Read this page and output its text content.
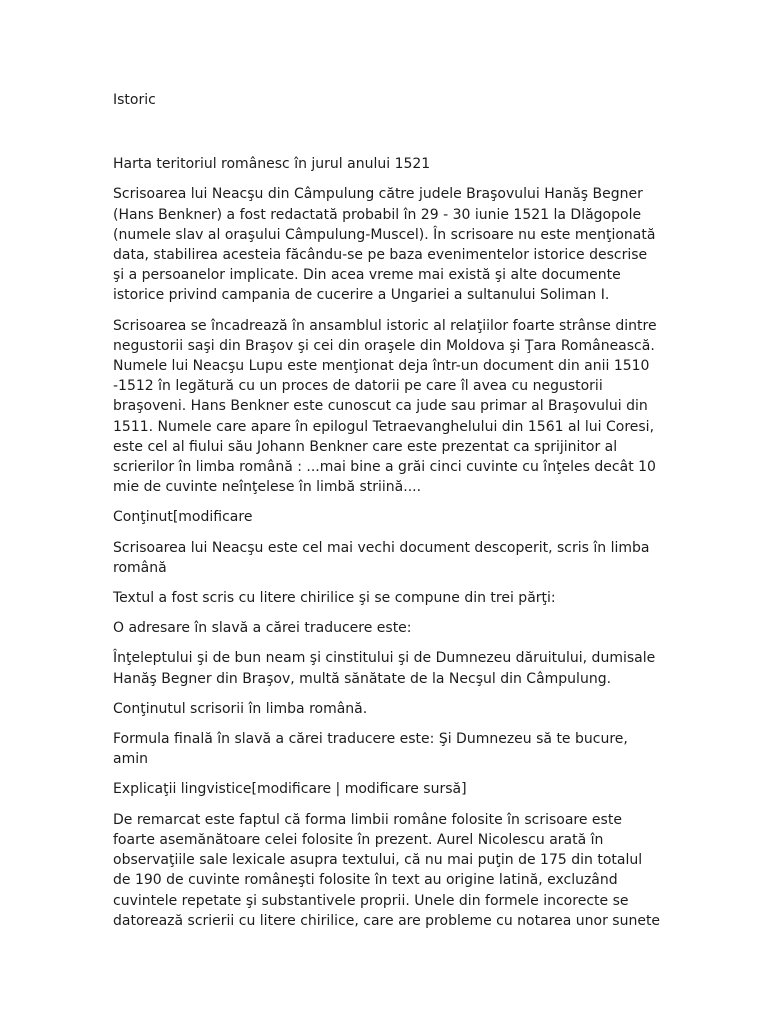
Istoric

Harta teritoriul românesc în jurul anului 1521

Scrisoarea lui Neacşu din Câmpulung către judele Braşovului Hanăş Begner
(Hans Benkner) a fost redactată probabil în 29 - 30 iunie 1521 la Dlăgopole
(numele slav al oraşului Câmpulung-Muscel). În scrisoare nu este menţionată
data, stabilirea acesteia făcându-se pe baza evenimentelor istorice descrise
şi a persoanelor implicate. Din acea vreme mai există şi alte documente
istorice privind campania de cucerire a Ungariei a sultanului Soliman I.

Scrisoarea se încadrează în ansamblul istoric al relaţiilor foarte strânse dintre
negustorii saşi din Braşov şi cei din oraşele din Moldova şi Ţara Românească.
Numele lui Neacşu Lupu este menţionat deja într-un document din anii 1510
-1512 în legătură cu un proces de datorii pe care îl avea cu negustorii
braşoveni. Hans Benkner este cunoscut ca jude sau primar al Braşovului din
1511. Numele care apare în epilogul Tetraevanghelului din 1561 al lui Coresi,
este cel al fiului său Johann Benkner care este prezentat ca sprijinitor al
scrierilor în limba română : ...mai bine a grăi cinci cuvinte cu înţeles decât 10
mie de cuvinte neînţelese în limbă striină....

Conţinut[modificare

Scrisoarea lui Neacşu este cel mai vechi document descoperit, scris în limba
română

Textul a fost scris cu litere chirilice şi se compune din trei părţi:

O adresare în slavă a cărei traducere este:

Înţeleptului şi de bun neam şi cinstitului şi de Dumnezeu dăruitului, dumisale
Hanăş Begner din Braşov, multă sănătate de la Necşul din Câmpulung.

Conţinutul scrisorii în limba română.

Formula finală în slavă a cărei traducere este: Şi Dumnezeu să te bucure,
amin

Explicaţii lingvistice[modificare | modificare sursă]

De remarcat este faptul că forma limbii române folosite în scrisoare este
foarte asemănătoare celei folosite în prezent. Aurel Nicolescu arată în
observaţiile sale lexicale asupra textului, că nu mai puţin de 175 din totalul
de 190 de cuvinte româneşti folosite în text au origine latină, excluzând
cuvintele repetate şi substantivele proprii. Unele din formele incorecte se
datorează scrierii cu litere chirilice, care are probleme cu notarea unor sunete
